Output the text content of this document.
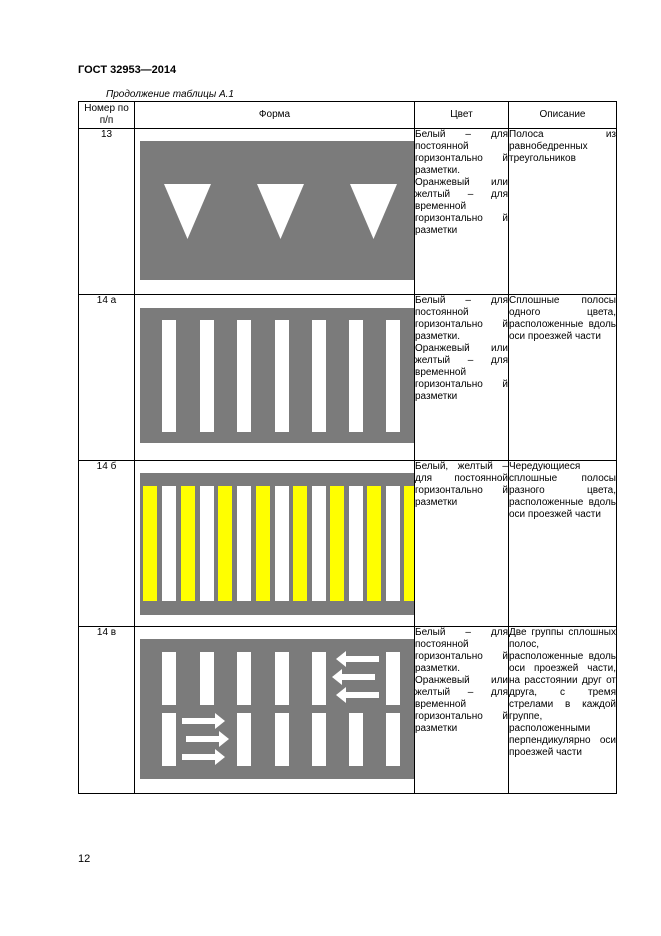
ГОСТ 32953—2014
Продолжение таблицы А.1
Номер по п/п	Форма	Цвет	Описание
13		Белый – для постоянной горизонтально й разметки. Оранжевый или желтый – для временной горизонтально й разметки	Полоса из равнобедренных треугольников

14 а		Белый – для постоянной горизонтально й разметки. Оранжевый или желтый – для временной горизонтально й разметки	Сплошные полосы одного цвета, расположенные вдоль оси проезжей части

14 б		Белый, желтый – для постоянной горизонтально й разметки	Чередующиеся сплошные полосы разного цвета, расположенные вдоль оси проезжей части

14 в		Белый – для постоянной горизонтально й разметки. Оранжевый или желтый – для временной горизонтально й разметки	Две группы сплошных полос, расположенные вдоль оси проезжей части, на расстоянии друг от друга, с тремя стрелами в каждой группе, расположенными перпендикулярно оси проезжей части
12
